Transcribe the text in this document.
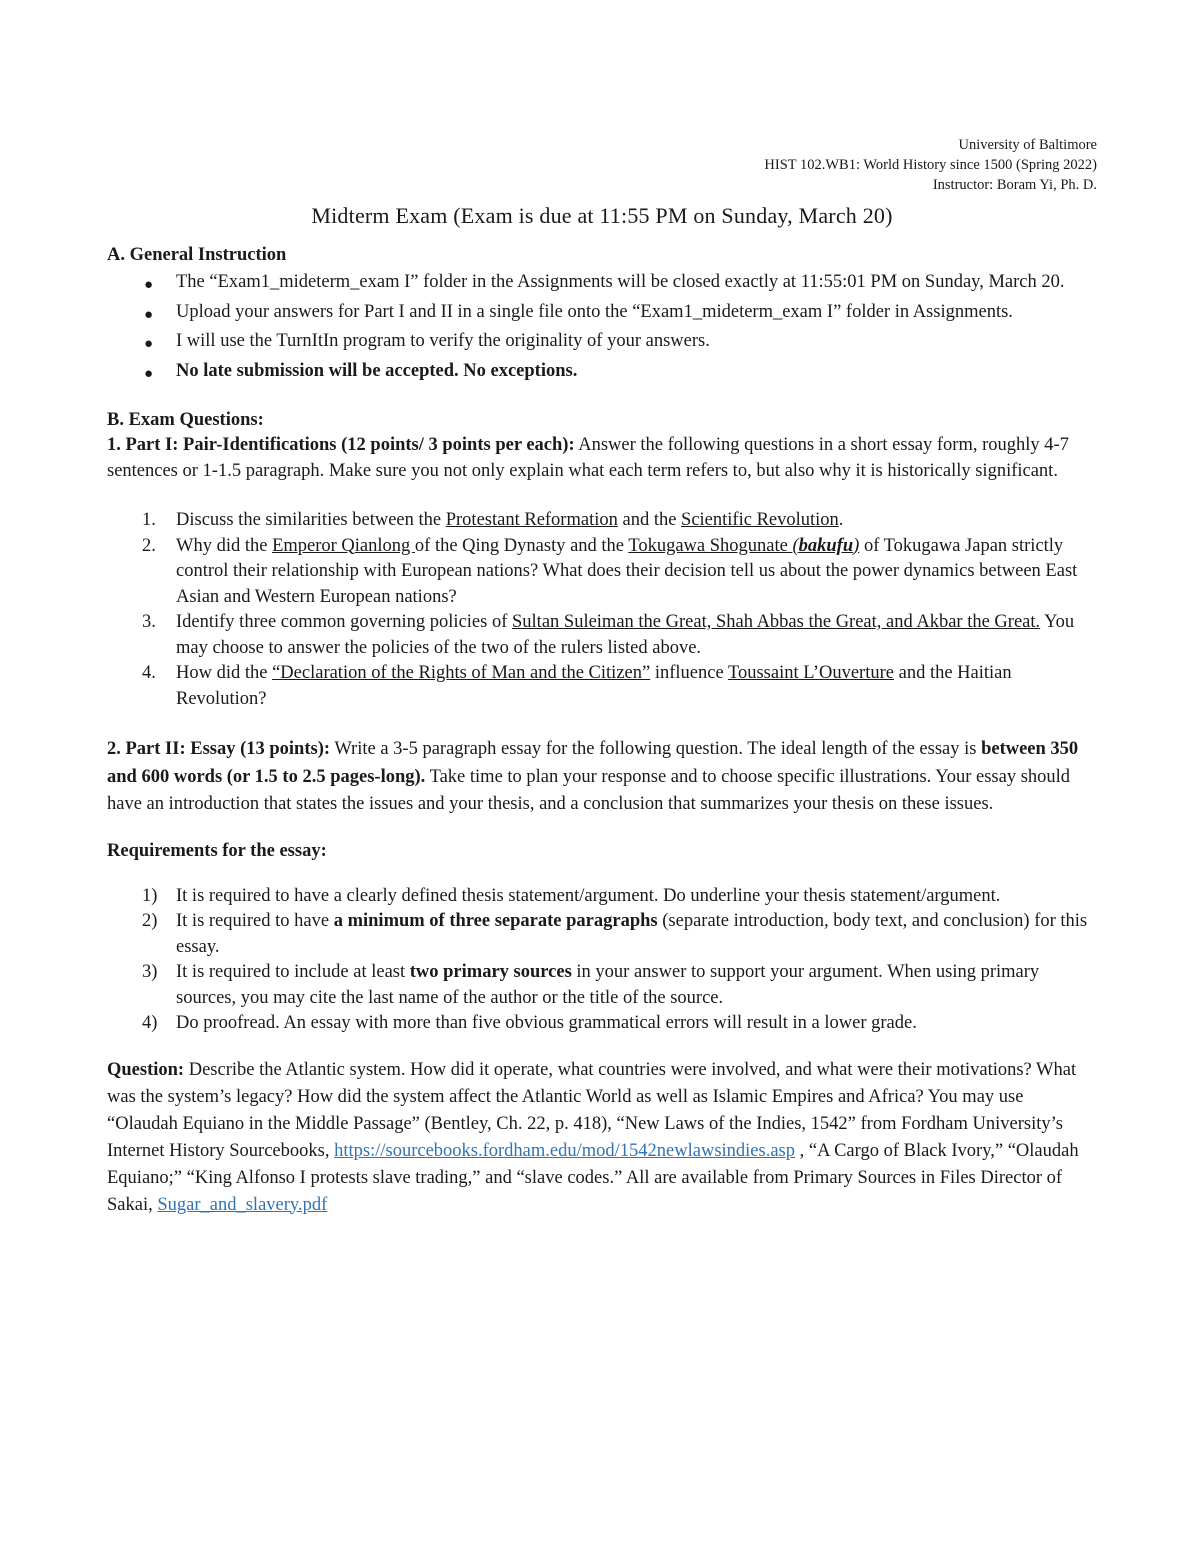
University of Baltimore
HIST 102.WB1: World History since 1500 (Spring 2022)
Instructor: Boram Yi, Ph. D.
Midterm Exam (Exam is due at 11:55 PM on Sunday, March 20)
A. General Instruction
● The “Exam1_mideterm_exam I” folder in the Assignments will be closed exactly at 11:55:01 PM on Sunday, March 20.
● Upload your answers for Part I and II in a single file onto the “Exam1_mideterm_exam I” folder in Assignments.
● I will use the TurnItIn program to verify the originality of your answers.
● No late submission will be accepted. No exceptions.
B. Exam Questions:

1. Part I: Pair-Identifications (12 points/ 3 points per each): Answer the following questions in a short essay form, roughly 4-7 sentences or 1-1.5 paragraph. Make sure you not only explain what each term refers to, but also why it is historically significant.

1. Discuss the similarities between the Protestant Reformation and the Scientific Revolution.
2. Why did the Emperor Qianlong of the Qing Dynasty and the Tokugawa Shogunate (bakufu) of Tokugawa Japan strictly control their relationship with European nations? What does their decision tell us about the power dynamics between East Asian and Western European nations?
3. Identify three common governing policies of Sultan Suleiman the Great, Shah Abbas the Great, and Akbar the Great. You may choose to answer the policies of the two of the rulers listed above.
4. How did the “Declaration of the Rights of Man and the Citizen” influence Toussaint L’Ouverture and the Haitian Revolution?

2. Part II: Essay (13 points): Write a 3-5 paragraph essay for the following question. The ideal length of the essay is between 350 and 600 words (or 1.5 to 2.5 pages-long). Take time to plan your response and to choose specific illustrations. Your essay should have an introduction that states the issues and your thesis, and a conclusion that summarizes your thesis on these issues.

Requirements for the essay:
1) It is required to have a clearly defined thesis statement/argument. Do underline your thesis statement/argument.
2) It is required to have a minimum of three separate paragraphs (separate introduction, body text, and conclusion) for this essay.
3) It is required to include at least two primary sources in your answer to support your argument. When using primary sources, you may cite the last name of the author or the title of the source.
4) Do proofread. An essay with more than five obvious grammatical errors will result in a lower grade.

Question: Describe the Atlantic system. How did it operate, what countries were involved, and what were their motivations? What was the system’s legacy? How did the system affect the Atlantic World as well as Islamic Empires and Africa? You may use “Olaudah Equiano in the Middle Passage” (Bentley, Ch. 22, p. 418), “New Laws of the Indies, 1542” from Fordham University’s Internet History Sourcebooks, https://sourcebooks.fordham.edu/mod/1542newlawsindies.asp , “A Cargo of Black Ivory,” “Olaudah Equiano;” “King Alfonso I protests slave trading,” and “slave codes.” All are available from Primary Sources in Files Director of Sakai, Sugar_and_slavery.pdf
